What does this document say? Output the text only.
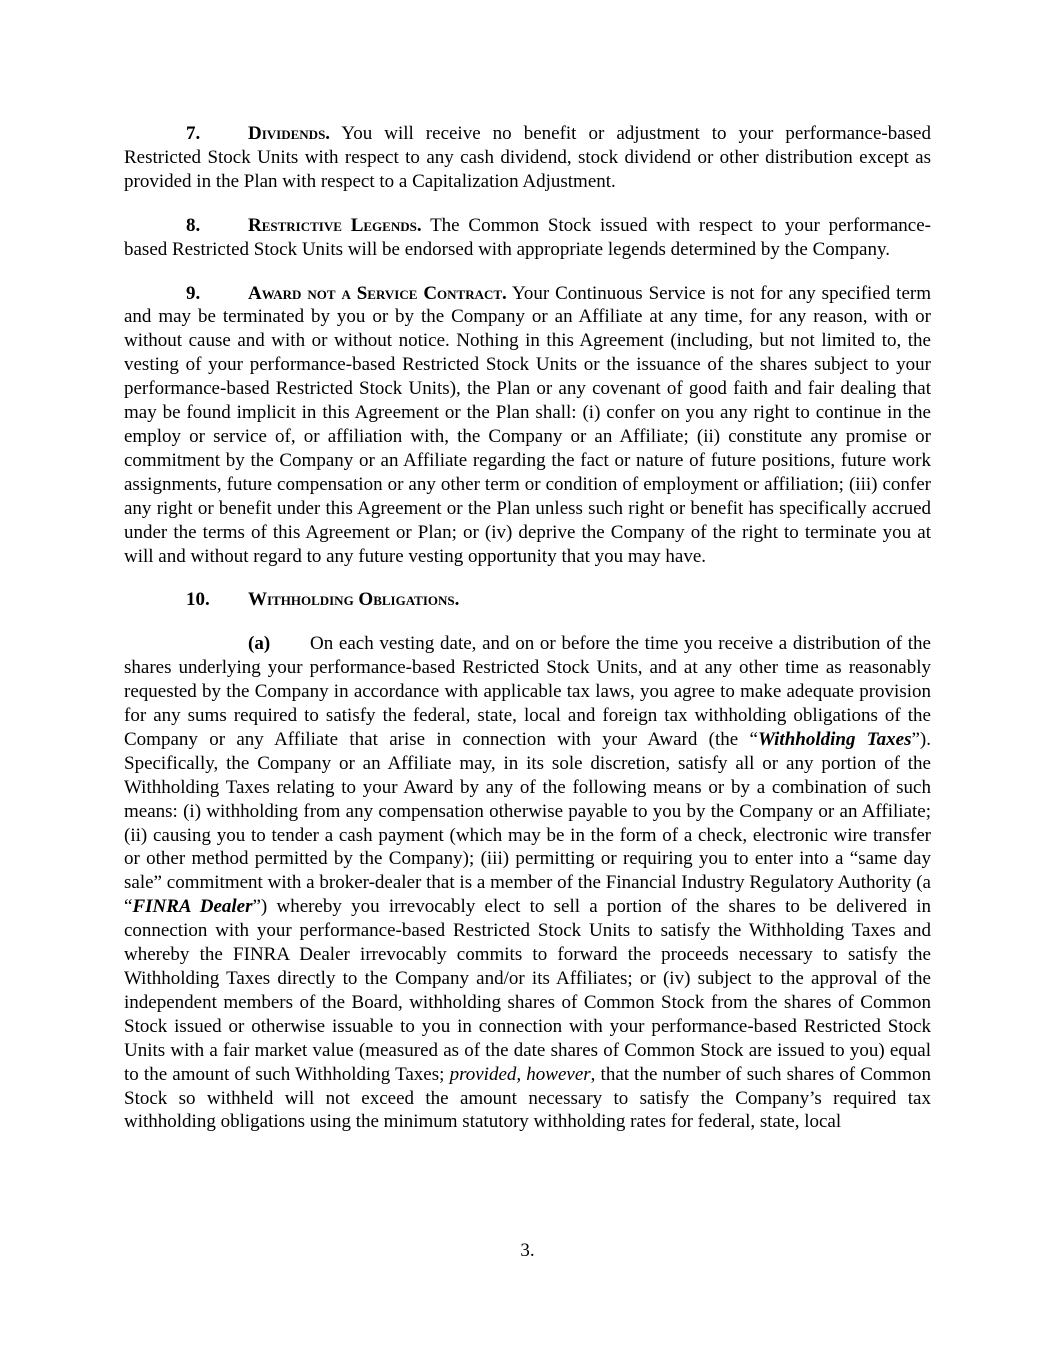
7.	Dividends. You will receive no benefit or adjustment to your performance-based Restricted Stock Units with respect to any cash dividend, stock dividend or other distribution except as provided in the Plan with respect to a Capitalization Adjustment.

8.	Restrictive Legends. The Common Stock issued with respect to your performance-based Restricted Stock Units will be endorsed with appropriate legends determined by the Company.

9.	Award not a Service Contract. Your Continuous Service is not for any specified term and may be terminated by you or by the Company or an Affiliate at any time, for any reason, with or without cause and with or without notice. Nothing in this Agreement (including, but not limited to, the vesting of your performance-based Restricted Stock Units or the issuance of the shares subject to your performance-based Restricted Stock Units), the Plan or any covenant of good faith and fair dealing that may be found implicit in this Agreement or the Plan shall: (i) confer on you any right to continue in the employ or service of, or affiliation with, the Company or an Affiliate; (ii) constitute any promise or commitment by the Company or an Affiliate regarding the fact or nature of future positions, future work assignments, future compensation or any other term or condition of employment or affiliation; (iii) confer any right or benefit under this Agreement or the Plan unless such right or benefit has specifically accrued under the terms of this Agreement or Plan; or (iv) deprive the Company of the right to terminate you at will and without regard to any future vesting opportunity that you may have.

10. Withholding Obligations.

(a) On each vesting date, and on or before the time you receive a distribution of the shares underlying your performance-based Restricted Stock Units, and at any other time as reasonably requested by the Company in accordance with applicable tax laws, you agree to make adequate provision for any sums required to satisfy the federal, state, local and foreign tax withholding obligations of the Company or any Affiliate that arise in connection with your Award (the “Withholding Taxes”). Specifically, the Company or an Affiliate may, in its sole discretion, satisfy all or any portion of the Withholding Taxes relating to your Award by any of the following means or by a combination of such means: (i) withholding from any compensation otherwise payable to you by the Company or an Affiliate; (ii) causing you to tender a cash payment (which may be in the form of a check, electronic wire transfer or other method permitted by the Company); (iii) permitting or requiring you to enter into a “same day sale” commitment with a broker-dealer that is a member of the Financial Industry Regulatory Authority (a “FINRA Dealer”) whereby you irrevocably elect to sell a portion of the shares to be delivered in connection with your performance-based Restricted Stock Units to satisfy the Withholding Taxes and whereby the FINRA Dealer irrevocably commits to forward the proceeds necessary to satisfy the Withholding Taxes directly to the Company and/or its Affiliates; or (iv) subject to the approval of the independent members of the Board, withholding shares of Common Stock from the shares of Common Stock issued or otherwise issuable to you in connection with your performance-based Restricted Stock Units with a fair market value (measured as of the date shares of Common Stock are issued to you) equal to the amount of such Withholding Taxes; provided, however, that the number of such shares of Common Stock so withheld will not exceed the amount necessary to satisfy the Company’s required tax withholding obligations using the minimum statutory withholding rates for federal, state, local

3.
